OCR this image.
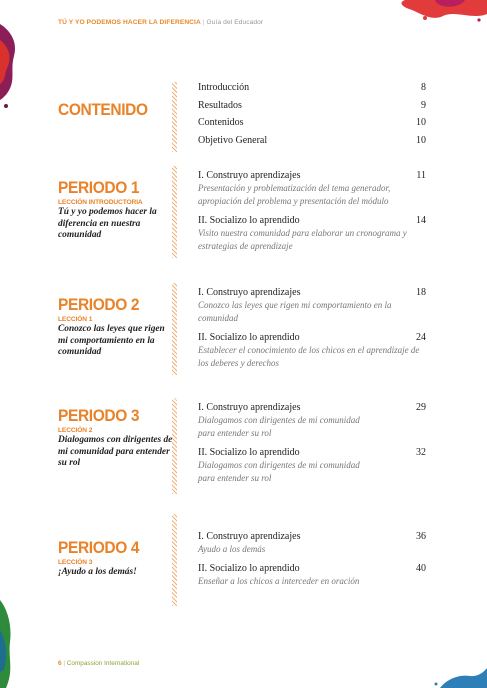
TÚ Y YO PODEMOS HACER LA DIFERENCIA | Guía del Educador
CONTENIDO
Introducción	8
Resultados	9
Contenidos	10
Objetivo General	10
PERIODO 1
LECCIÓN INTRODUCTORIA
Tú y yo podemos hacer la diferencia en nuestra comunidad
I. Construyo aprendizajes	11
Presentación y problematización del tema generador, apropiación del problema y presentación del módulo
II. Socializo lo aprendido	14
Visito nuestra comunidad para elaborar un cronograma y estrategias de aprendizaje
PERIODO 2
LECCIÓN 1
Conozco las leyes que rigen mi comportamiento en la comunidad
I. Construyo aprendizajes	18
Conozco las leyes que rigen mi comportamiento en la comunidad
II. Socializo lo aprendido	24
Establecer el conocimiento de los chicos en el aprendizaje de los deberes y derechos
PERIODO 3
LECCIÓN 2
Dialogamos con dirigentes de mi comunidad para entender su rol
I. Construyo aprendizajes	29
Dialogamos con dirigentes de mi comunidad para entender su rol
II. Socializo lo aprendido	32
Dialogamos con dirigentes de mi comunidad para entender su rol
PERIODO 4
LECCIÓN 3
¡Ayudo a los demás!
I. Construyo aprendizajes	36
Ayudo a los demás
II. Socializo lo aprendido	40
Enseñar a los chicos a interceder en oración
6 | Compassion International
